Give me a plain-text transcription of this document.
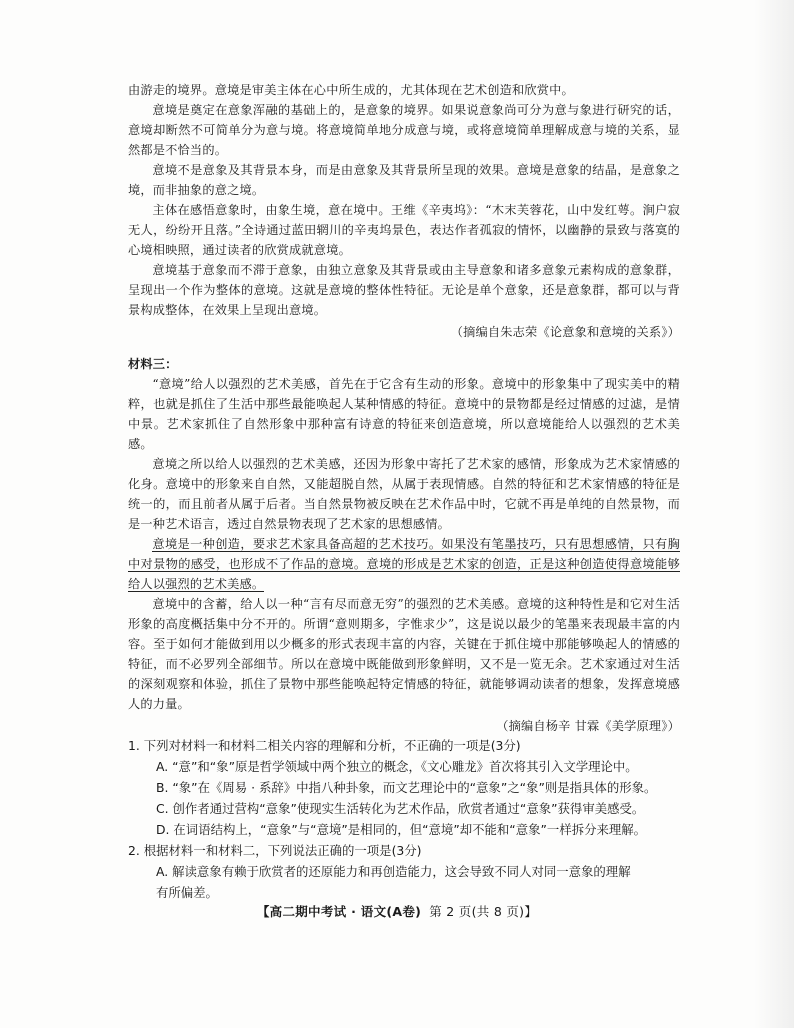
由游走的境界。意境是审美主体在心中所生成的，尤其体现在艺术创造和欣赏中。

意境是奠定在意象浑融的基础上的，是意象的境界。如果说意象尚可分为意与象进行研究的话，意境却断然不可简单分为意与境。将意境简单地分成意与境，或将意境简单理解成意与境的关系，显然都是不恰当的。

意境不是意象及其背景本身，而是由意象及其背景所呈现的效果。意境是意象的结晶，是意象之境，而非抽象的意之境。

主体在感悟意象时，由象生境，意在境中。王维《辛夷坞》：“木末芙蓉花，山中发红萼。涧户寂无人，纷纷开且落。”全诗通过蓝田辋川的辛夷坞景色，表达作者孤寂的情怀，以幽静的景致与落寞的心境相映照，通过读者的欣赏成就意境。

意境基于意象而不滞于意象，由独立意象及其背景或由主导意象和诸多意象元素构成的意象群，呈现出一个作为整体的意境。这就是意境的整体性特征。无论是单个意象，还是意象群，都可以与背景构成整体，在效果上呈现出意境。

（摘编自朱志荣《论意象和意境的关系》）

材料三：

“意境”给人以强烈的艺术美感，首先在于它含有生动的形象。意境中的形象集中了现实美中的精粹，也就是抓住了生活中那些最能唤起人某种情感的特征。意境中的景物都是经过情感的过滤，是情中景。艺术家抓住了自然形象中那种富有诗意的特征来创造意境，所以意境能给人以强烈的艺术美感。

意境之所以给人以强烈的艺术美感，还因为形象中寄托了艺术家的感情，形象成为艺术家情感的化身。意境中的形象来自自然，又能超脱自然，从属于表现情感。自然的特征和艺术家情感的特征是统一的，而且前者从属于后者。当自然景物被反映在艺术作品中时，它就不再是单纯的自然景物，而是一种艺术语言，透过自然景物表现了艺术家的思想感情。

意境是一种创造，要求艺术家具备高超的艺术技巧。如果没有笔墨技巧，只有思想感情，只有胸中对景物的感受，也形成不了作品的意境。意境的形成是艺术家的创造，正是这种创造使得意境能够给人以强烈的艺术美感。

意境中的含蓄，给人以一种“言有尽而意无穷”的强烈的艺术美感。意境的这种特性是和它对生活形象的高度概括集中分不开的。所谓“意则期多，字惟求少”，这是说以最少的笔墨来表现最丰富的内容。至于如何才能做到用以少概多的形式表现丰富的内容，关键在于抓住境中那能够唤起人的情感的特征，而不必罗列全部细节。所以在意境中既能做到形象鲜明，又不是一览无余。艺术家通过对生活的深刻观察和体验，抓住了景物中那些能唤起特定情感的特征，就能够调动读者的想象，发挥意境感人的力量。

（摘编自杨辛 甘霖《美学原理》）

1. 下列对材料一和材料二相关内容的理解和分析，不正确的一项是(3分)

A. “意”和“象”原是哲学领域中两个独立的概念，《文心雕龙》首次将其引入文学理论中。

B. “象”在《周易 · 系辞》中指八种卦象，而文艺理论中的“意象”之“象”则是指具体的形象。

C. 创作者通过营构“意象”使现实生活转化为艺术作品，欣赏者通过“意象”获得审美感受。

D. 在词语结构上，“意象”与“意境”是相同的，但“意境”却不能和“意象”一样拆分来理解。

2. 根据材料一和材料二，下列说法正确的一项是(3分)

A. 解读意象有赖于欣赏者的还原能力和再创造能力，这会导致不同人对同一意象的理解

有所偏差。

【高二期中考试 · 语文(A卷) 第 2 页(共 8 页)】
